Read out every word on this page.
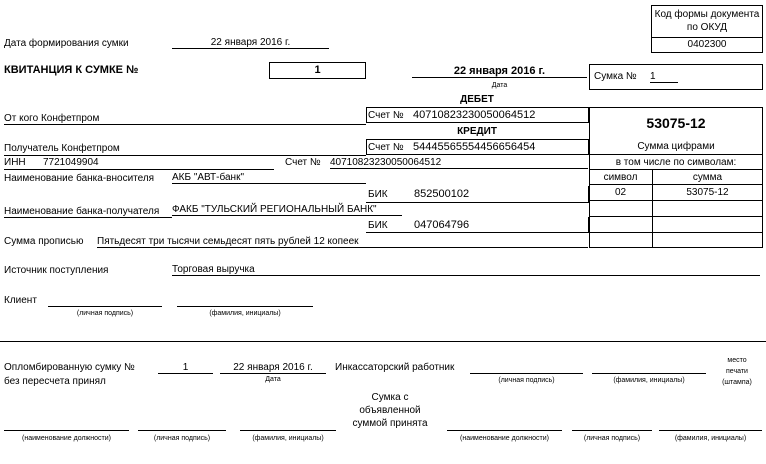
Код формы документа по ОКУД
0402300
Дата формирования сумки	22 января 2016 г.
КВИТАНЦИЯ К СУМКЕ №	1	22 января 2016 г.
Дата
Сумка № 1
ДЕБЕТ
Счет № 40710823230050064512
От кого Конфетпром
КРЕДИТ
Счет № 54445565554456656454
Получатель Конфетпром
53075-12
Сумма цифрами
в том числе по символам:
символ	сумма
02	53075-12
ИНН 7721049904	Счет № 40710823230050064512
Наименование банка-вносителя АКБ "АВТ-банк"
БИК 852500102
Наименование банка-получателя ФАКБ "ТУЛЬСКИЙ РЕГИОНАЛЬНЫЙ БАНК"
БИК 047064796
Сумма прописью Пятьдесят три тысячи семьдесят пять рублей 12 копеек
Источник поступления	Торговая выручка
Клиент
(личная подпись)	(фамилия, инициалы)
Опломбированную сумку №	1	22 января 2016 г.
Дата
без пересчета принял
Инкассаторский работник
(личная подпись)	(фамилия, инициалы)
место
печати
(штампа)
Сумка с
объявленной
суммой принята
(наименование должности)	(личная подпись)	(фамилия, инициалы)	(наименование должности)	(личная подпись)	(фамилия, инициалы)
